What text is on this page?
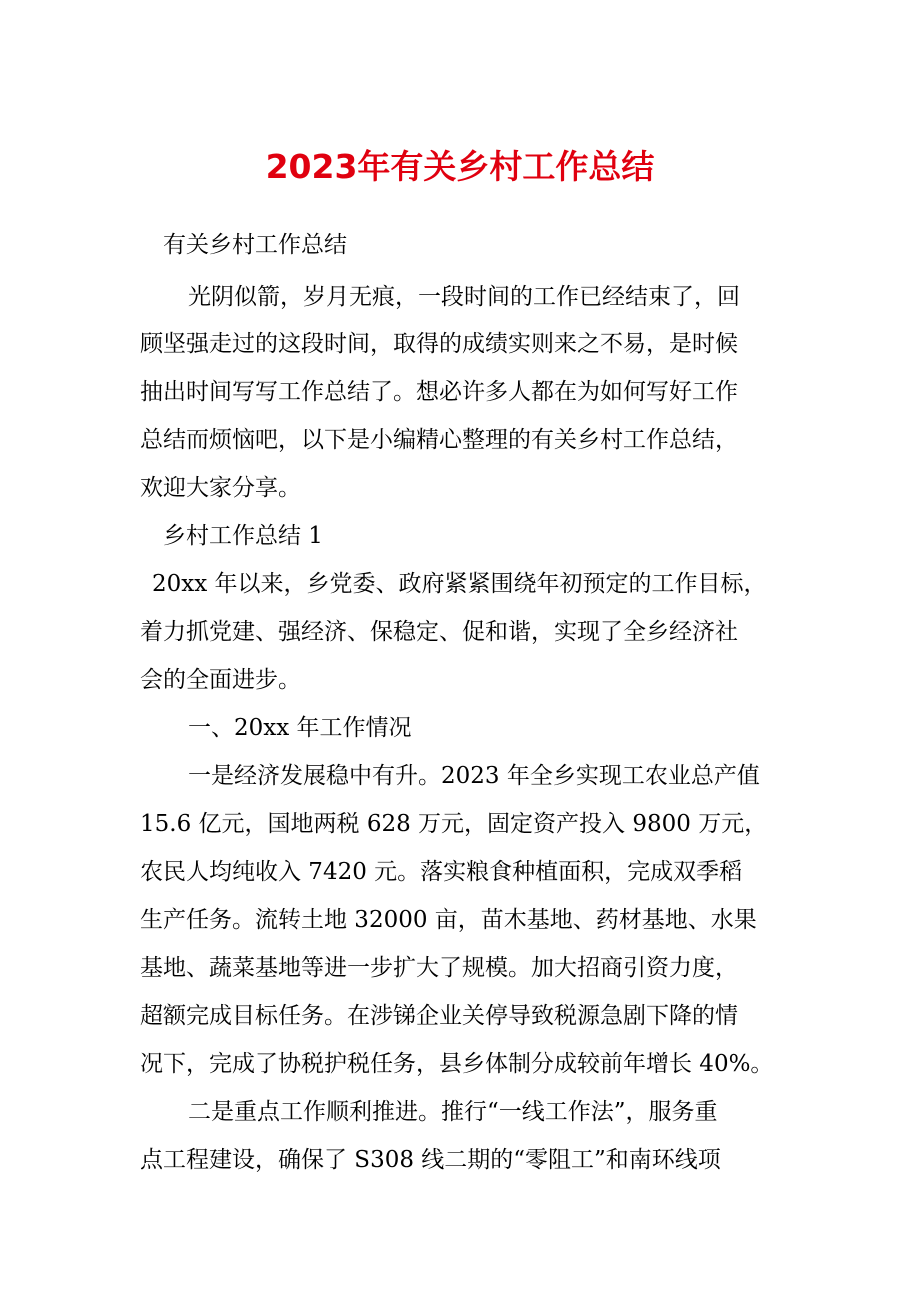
2023年有关乡村工作总结

有关乡村工作总结

光阴似箭，岁月无痕，一段时间的工作已经结束了，回

顾坚强走过的这段时间，取得的成绩实则来之不易，是时候

抽出时间写写工作总结了。想必许多人都在为如何写好工作

总结而烦恼吧，以下是小编精心整理的有关乡村工作总结，

欢迎大家分享。

乡村工作总结 1

20xx 年以来，乡党委、政府紧紧围绕年初预定的工作目标，

着力抓党建、强经济、保稳定、促和谐，实现了全乡经济社

会的全面进步。

一、20xx 年工作情况

一是经济发展稳中有升。2023 年全乡实现工农业总产值

15.6 亿元，国地两税 628 万元，固定资产投入 9800 万元，

农民人均纯收入 7420 元。落实粮食种植面积，完成双季稻

生产任务。流转土地 32000 亩，苗木基地、药材基地、水果

基地、蔬菜基地等进一步扩大了规模。加大招商引资力度，

超额完成目标任务。在涉锑企业关停导致税源急剧下降的情

况下，完成了协税护税任务，县乡体制分成较前年增长 40%。

二是重点工作顺利推进。推行“一线工作法”，服务重

点工程建设，确保了 S308 线二期的“零阻工”和南环线项
